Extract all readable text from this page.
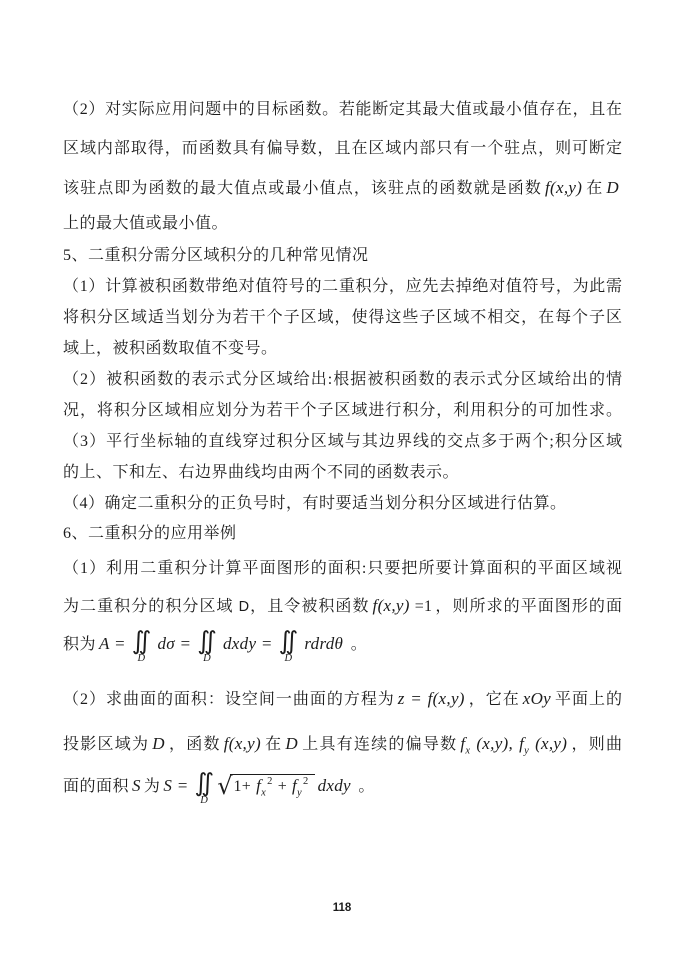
（2）对实际应用问题中的目标函数。若能断定其最大值或最小值存在，且在
区域内部取得，而函数具有偏导数，且在区域内部只有一个驻点，则可断定
该驻点即为函数的最大值点或最小值点，该驻点的函数就是函数 f(x,y) 在 D
上的最大值或最小值。
5、二重积分需分区域积分的几种常见情况
（1）计算被积函数带绝对值符号的二重积分，应先去掉绝对值符号，为此需
将积分区域适当划分为若干个子区域，使得这些子区域不相交，在每个子区
域上，被积函数取值不变号。
（2）被积函数的表示式分区域给出:根据被积函数的表示式分区域给出的情
况，将积分区域相应划分为若干个子区域进行积分，利用积分的可加性求。
（3）平行坐标轴的直线穿过积分区域与其边界线的交点多于两个;积分区域
的上、下和左、右边界曲线均由两个不同的函数表示。
（4）确定二重积分的正负号时，有时要适当划分积分区域进行估算。
6、二重积分的应用举例
（1）利用二重积分计算平面图形的面积:只要把所要计算面积的平面区域视
为二重积分的积分区域 D，且令被积函数 f(x,y) =1 ，则所求的平面图形的面
积为 A = ∬
D
dσ = ∬
D
dxdy = ∬
D
rdrdθ 。
（2）求曲面的面积：设空间一曲面的方程为 z = f(x,y) ，它在 xOy 平面上的
投影区域为 D ，函数 f(x,y) 在 D 上具有连续的偏导数 $f_x$ (x,y), $f_y$ (x,y) ，则曲
面的面积 S 为 S = ∬
D
$√1+ f_x^2 + f_y^2$ dxdy 。
118
